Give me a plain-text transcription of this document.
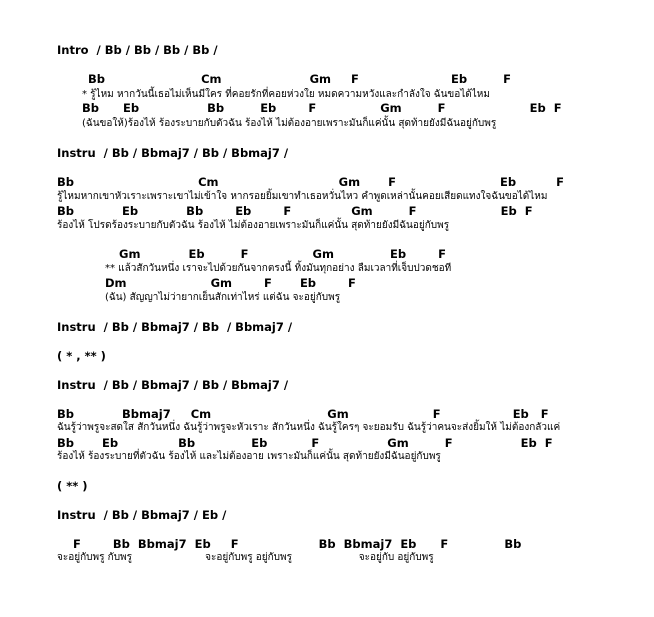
Intro  / Bb / Bb / Bb / Bb /
Bb                        Cm                      Gm     F                       Eb         F
* รู้ไหม หากวันนี้เธอไม่เห็นมีใคร ที่คอยรักที่คอยห่วงใย หมดความหวังและกำลังใจ ฉันขอได้ไหม
Bb      Eb                 Bb         Eb        F                Gm         F                     Eb  F
(ฉันขอให้)ร้องไห้ ร้องระบายกับตัวฉัน ร้องไห้ ไม่ต้องอายเพราะมันก็แค่นั้น สุดท้ายยังมีฉันอยู่กับพรู
Instru  / Bb / Bbmaj7 / Bb / Bbmaj7 /
Bb                               Cm                              Gm       F                          Eb          F
รู้ไหมหากเขาหัวเราะเพราะเขาไม่เข้าใจ หากรอยยิ้มเขาทำเธอหวั่นไหว คำพูดเหล่านั้นคอยเสียดแทงใจฉันขอได้ไหม
Bb            Eb            Bb        Eb        F               Gm         F                     Eb  F
ร้องไห้ โปรดร้องระบายกับตัวฉัน ร้องไห้ ไม่ต้องอายเพราะมันก็แค่นั้น สุดท้ายยังมีฉันอยู่กับพรู
Gm            Eb         F                Gm              Eb        F
** แล้วสักวันหนึ่ง เราจะไปด้วยกันจากตรงนี้ ทิ้งมันทุกอย่าง ลืมเวลาที่เจ็บปวดชอที
Dm                     Gm        F       Eb        F
(ฉัน) สัญญาไม่ว่ายากเย็นสักเท่าไหร่ แต่ฉัน จะอยู่กับพรู
Instru  / Bb / Bbmaj7 / Bb  / Bbmaj7 /
( * , ** )
Instru  / Bb / Bbmaj7 / Bb / Bbmaj7 /
Bb            Bbmaj7     Cm                             Gm                     F                  Eb   F
ฉันรู้ว่าพรูจะสดใส สักวันหนึ่ง ฉันรู้ว่าพรูจะหัวเราะ สักวันหนึ่ง ฉันรู้ใครๆ จะยอมรับ ฉันรู้ว่าคนจะส่งยิ้มให้ ไม่ต้องกลัวแค่
Bb       Eb               Bb              Eb           F                 Gm         F                 Eb  F
ร้องไห้ ร้องระบายที่ตัวฉัน ร้องไห้ และไม่ต้องอาย เพราะมันก็แค่นั้น สุดท้ายยังมีฉันอยู่กับพรู
( ** )
Instru  / Bb / Bbmaj7 / Eb /
F        Bb  Bbmaj7  Eb     F                    Bb  Bbmaj7  Eb      F              Bb
จะอยู่กับพรู กับพรู                       จะอยู่กับพรู อยู่กับพรู                     จะอยู่กับ อยู่กับพรู
